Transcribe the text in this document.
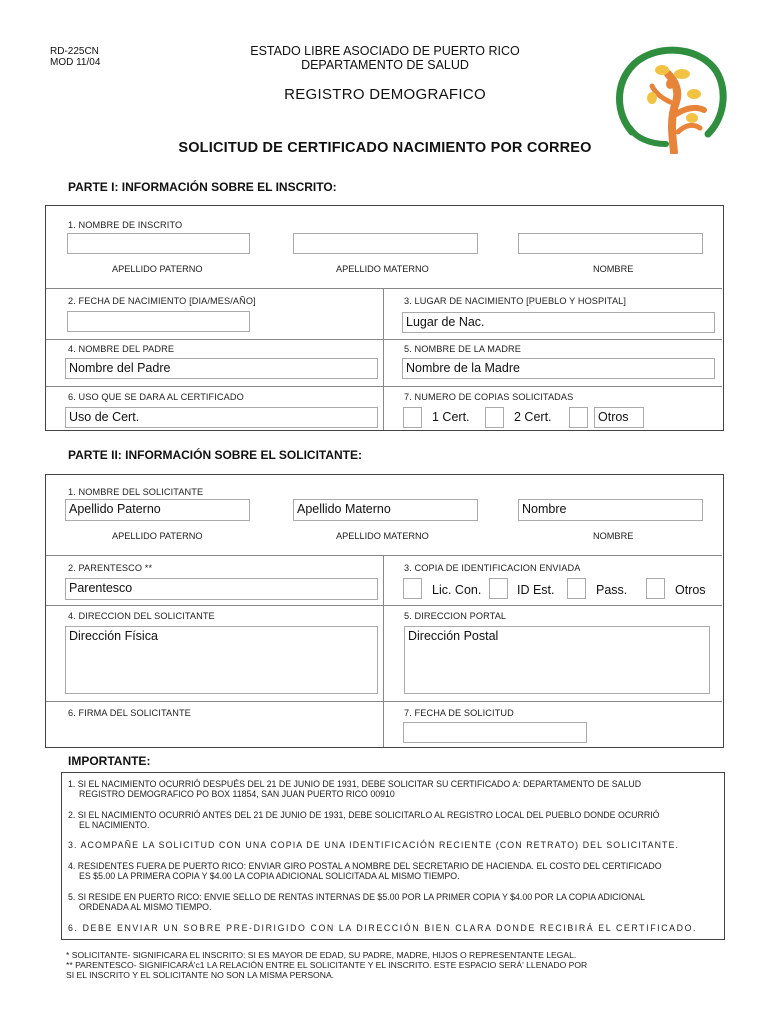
RD-225CN
MOD 11/04
ESTADO LIBRE ASOCIADO DE PUERTO RICO
DEPARTAMENTO DE SALUD
REGISTRO DEMOGRAFICO
SOLICITUD DE CERTIFICADO NACIMIENTO POR CORREO
PARTE I: INFORMACIÓN SOBRE EL INSCRITO:
1. NOMBRE DE INSCRITO
APELLIDO PATERNO	APELLIDO MATERNO	NOMBRE
2. FECHA DE NACIMIENTO [DIA/MES/AÑO]	3. LUGAR DE NACIMIENTO [PUEBLO Y HOSPITAL]
Lugar de Nac.
4. NOMBRE DEL PADRE
Nombre del Padre
5. NOMBRE DE LA MADRE
Nombre de la Madre
6. USO QUE SE DARA AL CERTIFICADO
Uso de Cert.
7. NUMERO DE COPIAS SOLICITADAS
1 Cert.	2 Cert.	Otros
PARTE II: INFORMACIÓN SOBRE EL SOLICITANTE:
1. NOMBRE DEL SOLICITANTE
Apellido Paterno	Apellido Materno	Nombre
APELLIDO PATERNO	APELLIDO MATERNO	NOMBRE
2. PARENTESCO **
Parentesco
3. COPIA DE IDENTIFICACION ENVIADA
Lic. Con.	ID Est.	Pass.	Otros
4. DIRECCION DEL SOLICITANTE
Dirección Física
5. DIRECCION PORTAL
Dirección Postal
6. FIRMA DEL SOLICITANTE	7. FECHA DE SOLICITUD
IMPORTANTE:
1. SI EL NACIMIENTO OCURRIÓ DESPUÉS DEL 21 DE JUNIO DE 1931, DEBE SOLICITAR SU CERTIFICADO A: DEPARTAMENTO DE SALUD
REGISTRO DEMOGRAFICO PO BOX 11854, SAN JUAN PUERTO RICO 00910
2. SI EL NACIMIENTO OCURRIÓ ANTES DEL 21 DE JUNIO DE 1931, DEBE SOLICITARLO AL REGISTRO LOCAL DEL PUEBLO DONDE OCURRIÓ
EL NACIMIENTO.
3. ACOMPAÑE LA SOLICITUD CON UNA COPIA DE UNA IDENTIFICACIÓN RECIENTE (CON RETRATO) DEL SOLICITANTE.
4. RESIDENTES FUERA DE PUERTO RICO: ENVIAR GIRO POSTAL A NOMBRE DEL SECRETARIO DE HACIENDA. EL COSTO DEL CERTIFICADO
ES $5.00 LA PRIMERA COPIA Y $4.00 LA COPIA ADICIONAL SOLICITADA AL MISMO TIEMPO.
5. SI RESIDE EN PUERTO RICO: ENVIE SELLO DE RENTAS INTERNAS DE $5.00 POR LA PRIMER COPIA Y $4.00 POR LA COPIA ADICIONAL
ORDENADA AL MISMO TIEMPO.
6. DEBE ENVIAR UN SOBRE PRE-DIRIGIDO CON LA DIRECCIÓN BIEN CLARA DONDE RECIBIRÁ EL CERTIFICADO.
* SOLICITANTE- SIGNIFICARA EL INSCRITO: SI ES MAYOR DE EDAD, SU PADRE, MADRE, HIJOS O REPRESENTANTE LEGAL.
** PARENTESCO- SIGNIFICARÁ'c1 LA RELACIÓN ENTRE EL SOLICITANTE Y EL INSCRITO. ESTE ESPACIO SERÁ' LLENADO POR
SI EL INSCRITO Y EL SOLICITANTE NO SON LA MISMA PERSONA.
